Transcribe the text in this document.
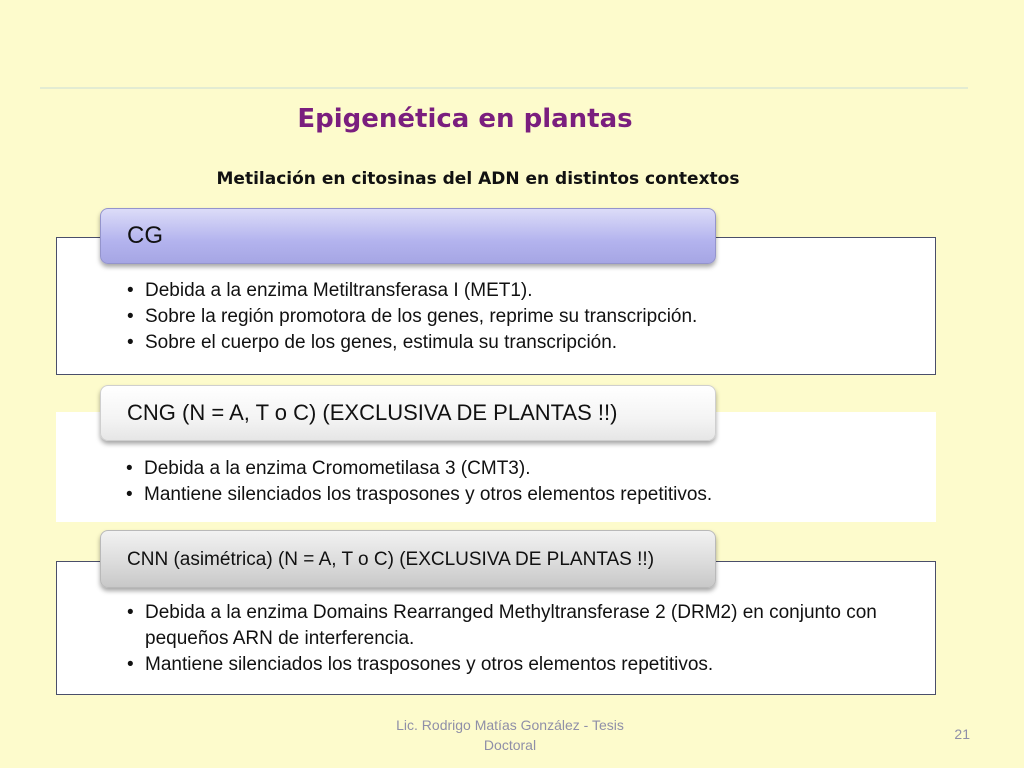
Epigenética en plantas
Metilación en citosinas del ADN en distintos contextos
• Debida a la enzima Metiltransferasa I (MET1).
• Sobre la región promotora de los genes, reprime su transcripción.
• Sobre el cuerpo de los genes, estimula su transcripción.
CG
• Debida a la enzima Cromometilasa 3 (CMT3).
• Mantiene silenciados los trasposones y otros elementos repetitivos.
CNG (N = A, T o C) (EXCLUSIVA DE PLANTAS !!)
• Debida a la enzima Domains Rearranged Methyltransferase 2 (DRM2) en conjunto con pequeños ARN de interferencia.
• Mantiene silenciados los trasposones y otros elementos repetitivos.
CNN (asimétrica) (N = A, T o C) (EXCLUSIVA DE PLANTAS !!)
Lic. Rodrigo Matías González - Tesis Doctoral
21
